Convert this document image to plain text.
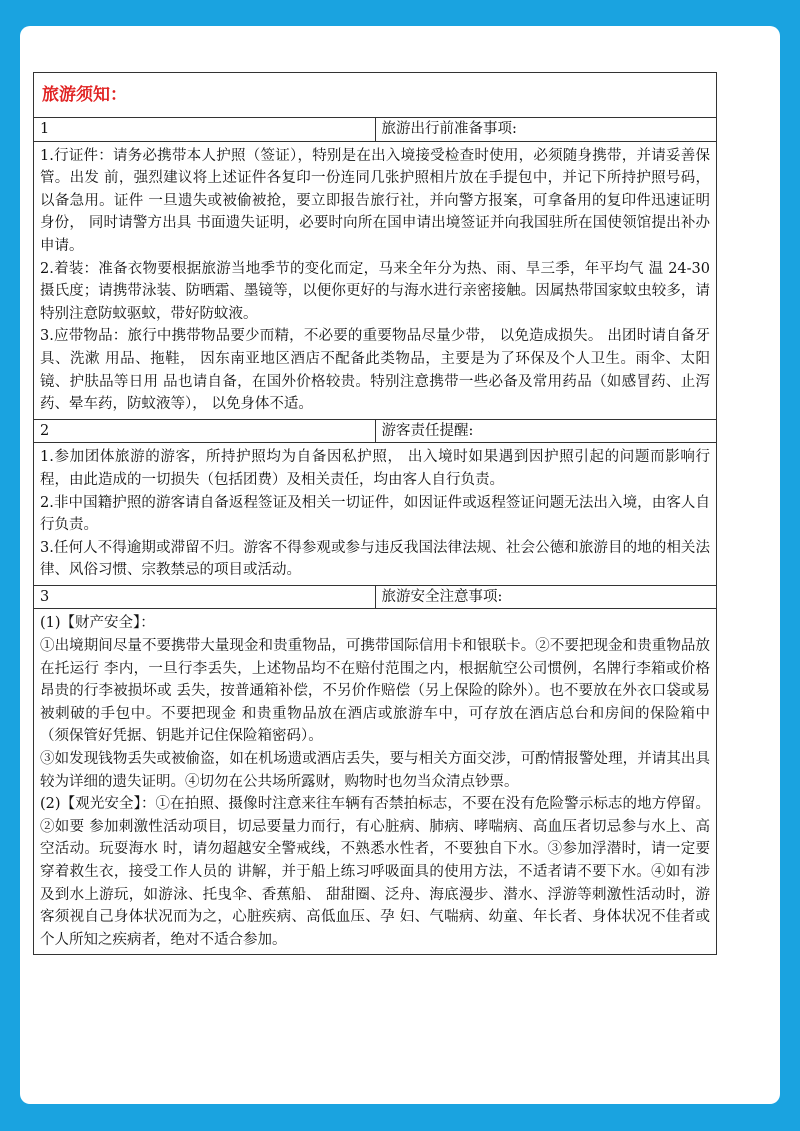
旅游须知：	
1	旅游出行前准备事项:

1.行证件：请务必携带本人护照（签证），特别是在出入境接受检查时使用，必须随身携带，并请妥善保管。出发 前，强烈建议将上述证件各复印一份连同几张护照相片放在手提包中，并记下所持护照号码， 以备急用。证件 一旦遗失或被偷被抢，要立即报告旅行社，并向警方报案，可拿备用的复印件迅速证明身份， 同时请警方出具 书面遗失证明，必要时向所在国申请出境签证并向我国驻所在国使领馆提出补办申请。

2.着装：准备衣物要根据旅游当地季节的变化而定，马来全年分为热、雨、旱三季，年平均气 温 24-30 摄氏度；请携带泳装、防晒霜、墨镜等，以便你更好的与海水进行亲密接触。因属热带国家蚊虫较多，请特别注意防蚊驱蚊，带好防蚊液。

3.应带物品：旅行中携带物品要少而精，不必要的重要物品尽量少带， 以免造成损失。 出团时请自备牙具、洗漱 用品、拖鞋， 因东南亚地区酒店不配备此类物品，主要是为了环保及个人卫生。雨伞、太阳镜、护肤品等日用 品也请自备，在国外价格较贵。特别注意携带一些必备及常用药品（如感冒药、止泻药、晕车药，防蚊液等）， 以免身体不适。	

2	游客责任提醒:

1.参加团体旅游的游客，所持护照均为自备因私护照， 出入境时如果遇到因护照引起的问题而影响行程，由此造成的一切损失（包括团费）及相关责任，均由客人自行负责。

2.非中国籍护照的游客请自备返程签证及相关一切证件，如因证件或返程签证问题无法出入境，由客人自行负责。

3.任何人不得逾期或滞留不归。游客不得参观或参与违反我国法律法规、社会公德和旅游目的地的相关法律、风俗习惯、宗教禁忌的项目或活动。	

3	旅游安全注意事项:

(1)【财产安全】：

①出境期间尽量不要携带大量现金和贵重物品，可携带国际信用卡和银联卡。②不要把现金和贵重物品放在托运行 李内，一旦行李丢失，上述物品均不在赔付范围之内，根据航空公司惯例，名牌行李箱或价格昂贵的行李被损坏或 丢失，按普通箱补偿，不另价作赔偿（另上保险的除外）。也不要放在外衣口袋或易被刺破的手包中。不要把现金 和贵重物品放在酒店或旅游车中，可存放在酒店总台和房间的保险箱中（须保管好凭据、钥匙并记住保险箱密码）。

③如发现钱物丢失或被偷盗，如在机场遗或酒店丢失，要与相关方面交涉，可酌情报警处理，并请其出具较为详细的遗失证明。④切勿在公共场所露财，购物时也勿当众清点钞票。

(2)【观光安全】：①在拍照、摄像时注意来往车辆有否禁拍标志，不要在没有危险警示标志的地方停留。②如要 参加刺激性活动项目，切忌要量力而行，有心脏病、肺病、哮喘病、高血压者切忌参与水上、高空活动。玩耍海水 时，请勿超越安全警戒线，不熟悉水性者，不要独自下水。③参加浮潜时，请一定要穿着救生衣，接受工作人员的 讲解，并于船上练习呼吸面具的使用方法，不适者请不要下水。④如有涉及到水上游玩，如游泳、托曳伞、香蕉船、 甜甜圈、泛舟、海底漫步、潜水、浮游等刺激性活动时，游客须视自己身体状况而为之，心脏疾病、高低血压、孕 妇、气喘病、幼童、年长者、身体状况不佳者或个人所知之疾病者，绝对不适合参加。	
